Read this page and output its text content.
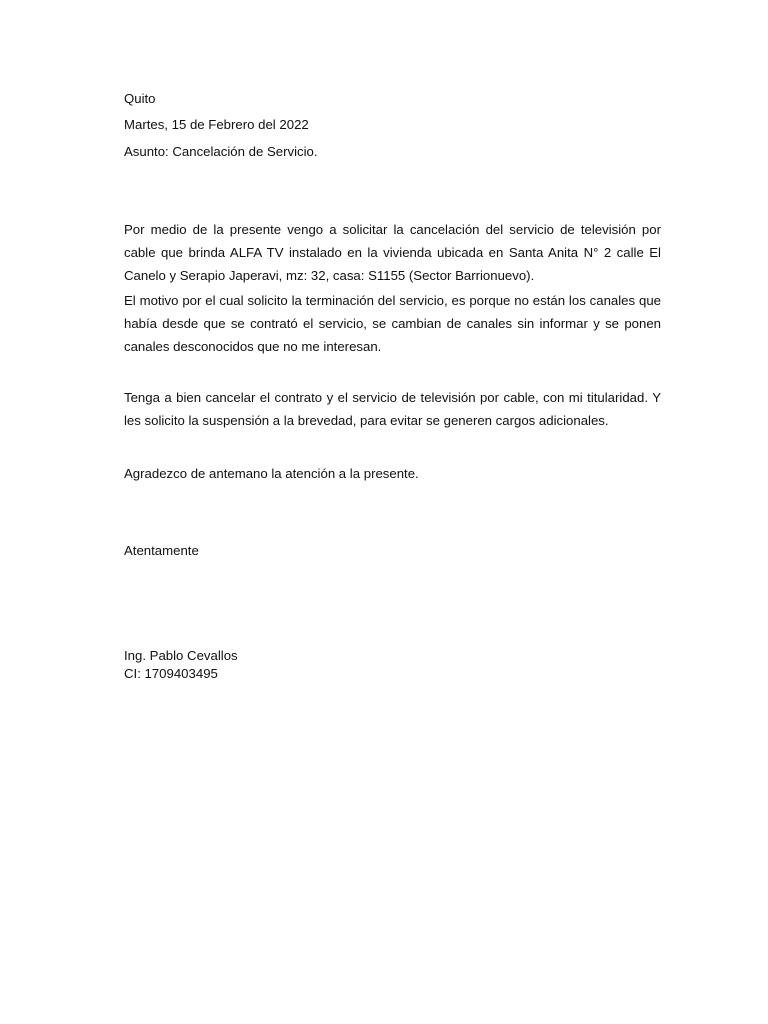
Quito
Martes, 15 de Febrero del 2022
Asunto: Cancelación de Servicio.
Por medio de la presente vengo a solicitar la cancelación del servicio de televisión por cable que brinda ALFA TV instalado en la vivienda ubicada en Santa Anita N° 2 calle El Canelo y Serapio Japeravi, mz: 32, casa: S1155 (Sector Barrionuevo).
El motivo por el cual solicito la terminación del servicio, es porque no están los canales que había desde que se contrató el servicio, se cambian de canales sin informar y se ponen canales desconocidos que no me interesan.
Tenga a bien cancelar el contrato y el servicio de televisión por cable, con mi titularidad. Y les solicito la suspensión a la brevedad, para evitar se generen cargos adicionales.
Agradezco de antemano la atención a la presente.
Atentamente
Ing. Pablo Cevallos
CI: 1709403495
